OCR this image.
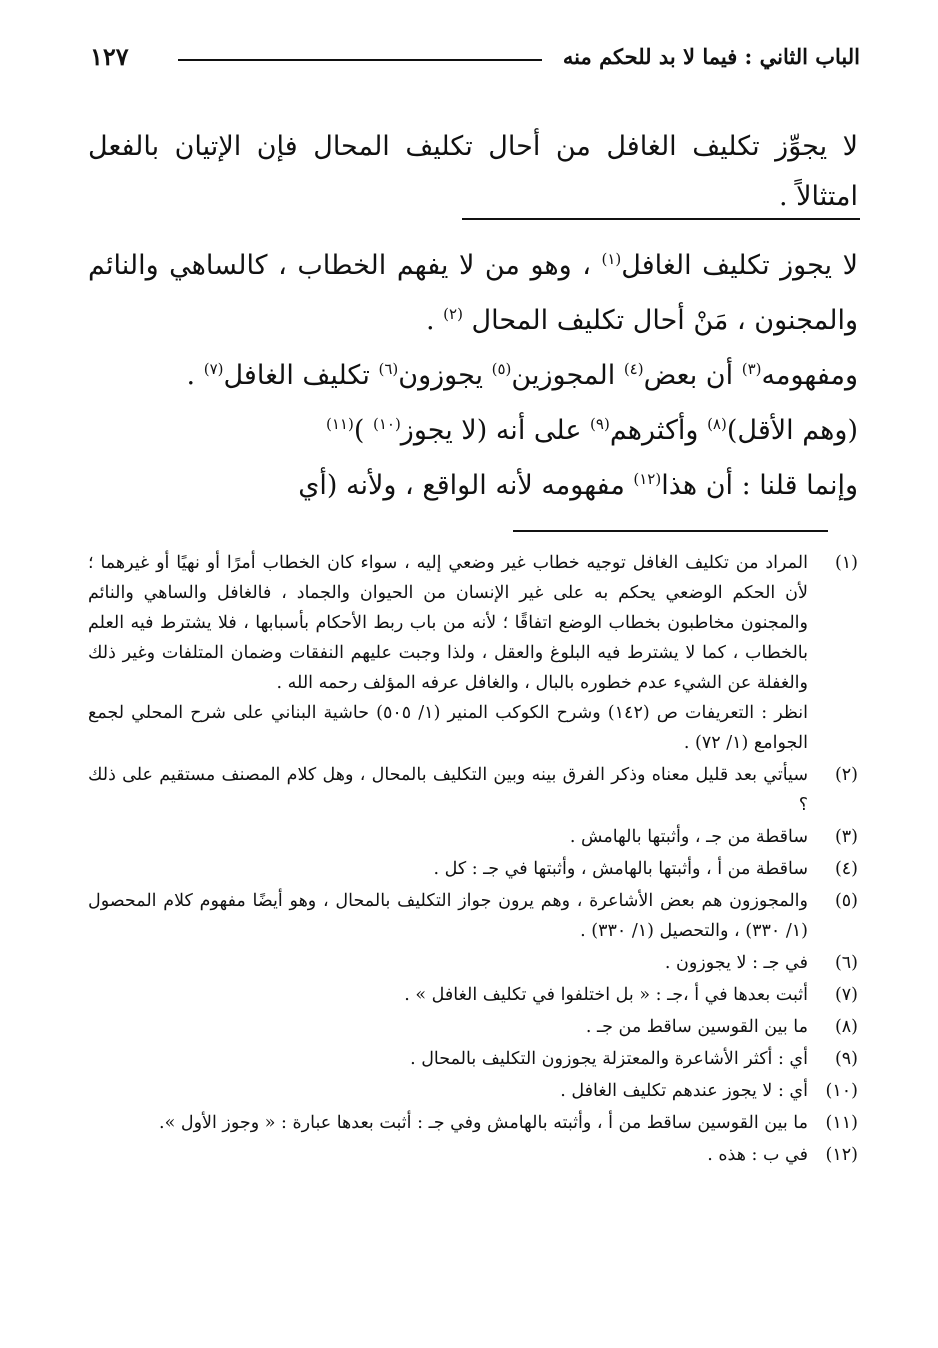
الباب الثاني : فيما لا بد للحكم منه
١٢٧
لا يجوِّز تكليف الغافل من أحال تكليف المحال فإن الإتيان بالفعل امتثالاً .

لا يجوز تكليف الغافل$^{(١)}$ ، وهو من لا يفهم الخطاب ، كالساهي والنائم والمجنون ، مَنْ أحال تكليف المحال $^{(٢)}$ .

ومفهومه$^{(٣)}$ أن بعض$^{(٤)}$ المجوزين$^{(٥)}$ يجوزون$^{(٦)}$ تكليف الغافل$^{(٧)}$ .

(وهم الأقل)$^{(٨)}$ وأكثرهم$^{(٩)}$ على أنه (لا يجوز$^{(١٠)}$ )$^{(١١)}$

وإنما قلنا : أن هذا$^{(١٢)}$ مفهومه لأنه الواقع ، ولأنه (أي

(١)
المراد من تكليف الغافل توجيه خطاب غير وضعي إليه ، سواء كان الخطاب أمرًا أو نهيًا أو غيرهما ؛ لأن الحكم الوضعي يحكم به على غير الإنسان من الحيوان والجماد ، فالغافل والساهي والنائم والمجنون مخاطبون بخطاب الوضع اتفاقًا ؛ لأنه من باب ربط الأحكام بأسبابها ، فلا يشترط فيه العلم بالخطاب ، كما لا يشترط فيه البلوغ والعقل ، ولذا وجبت عليهم النفقات وضمان المتلفات وغير ذلك والغفلة عن الشيء عدم خطوره بالبال ، والغافل عرفه المؤلف رحمه الله .
انظر : التعريفات ص (١٤٢) وشرح الكوكب المنير (١/ ٥٠٥) حاشية البناني على شرح المحلي لجمع الجوامع (١/ ٧٢) .
(٢)
سيأتي بعد قليل معناه وذكر الفرق بينه وبين التكليف بالمحال ، وهل كلام المصنف مستقيم على ذلك ؟
(٣)
ساقطة من جـ ، وأثبتها بالهامش .
(٤)
ساقطة من أ ، وأثبتها بالهامش ، وأثبتها في جـ : كل .
(٥)
والمجوزون هم بعض الأشاعرة ، وهم يرون جواز التكليف بالمحال ، وهو أيضًا مفهوم كلام المحصول (١/ ٣٣٠) ، والتحصيل (١/ ٣٣٠) .
(٦)
في جـ : لا يجوزون .
(٧)
أثبت بعدها في أ ،جـ : « بل اختلفوا في تكليف الغافل » .
(٨)
ما بين القوسين ساقط من جـ .
(٩)
أي : أكثر الأشاعرة والمعتزلة يجوزون التكليف بالمحال .
(١٠)
أي : لا يجوز عندهم تكليف الغافل .
(١١)
ما بين القوسين ساقط من أ ، وأثبته بالهامش وفي جـ : أثبت بعدها عبارة : « وجوز الأول ».
(١٢)
في ب : هذه .
